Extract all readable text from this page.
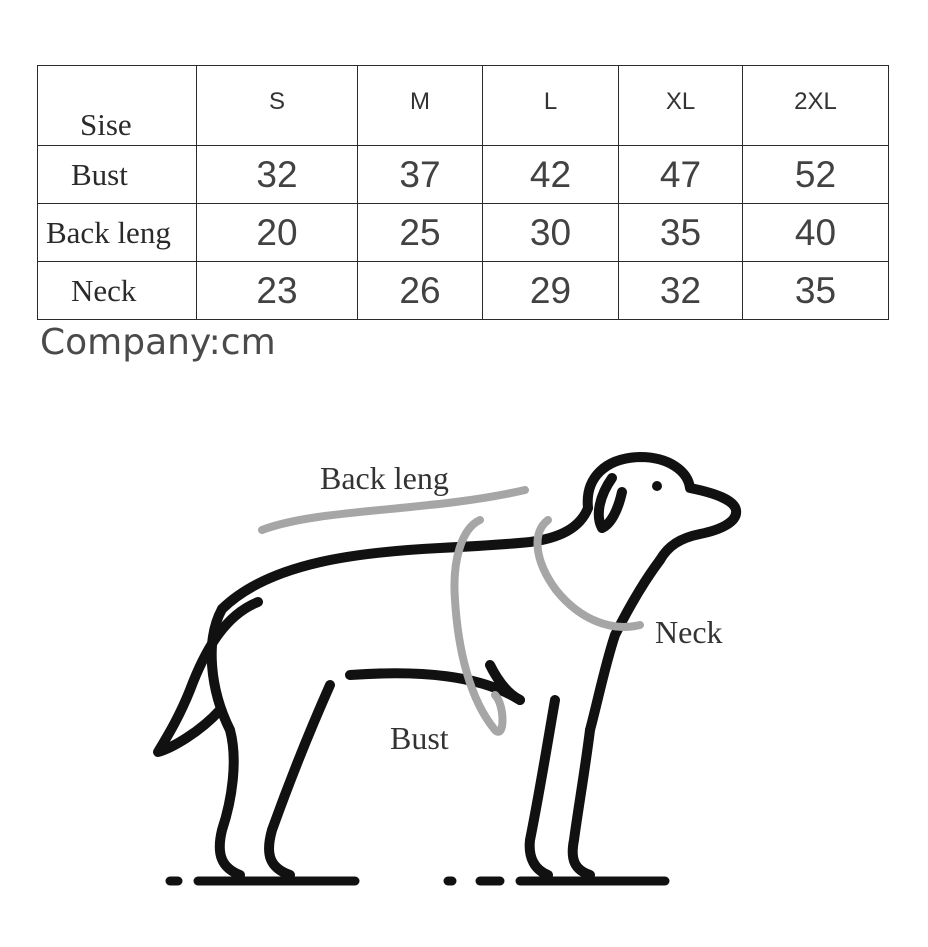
Sise	S	M	L	XL	2XL
Bust	32	37	42	47	52
Back leng	20	25	30	35	40
Neck	23	26	29	32	35

Company:cm

Back leng
Neck
Bust
